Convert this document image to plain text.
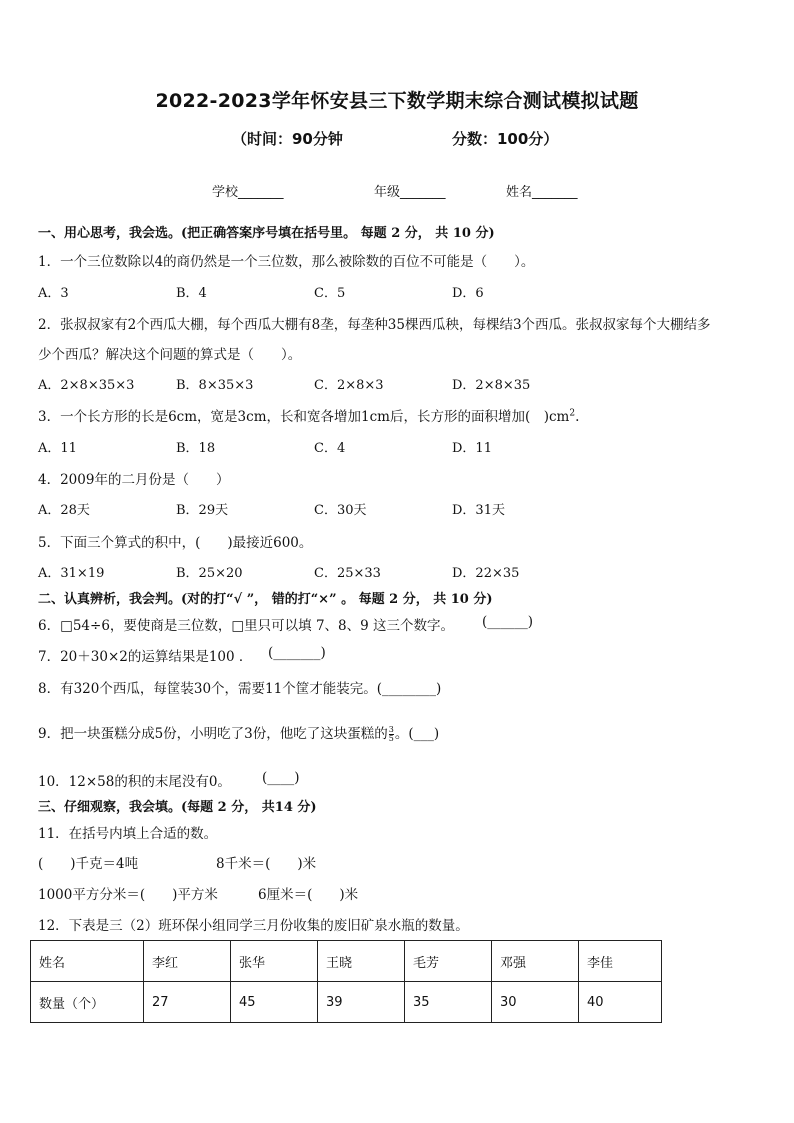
2022-2023学年怀安县三下数学期末综合测试模拟试题
（时间：90分钟	分数：100分）
学校_______	年级_______	姓名_______
一、用心思考，我会选。(把正确答案序号填在括号里。 每题 2 分， 共 10 分)
1．一个三位数除以4的商仍然是一个三位数，那么被除数的百位不可能是（　　）。
A．3	B．4	C．5	D．6
2．张叔叔家有2个西瓜大棚，每个西瓜大棚有8垄，每垄种35棵西瓜秧，每棵结3个西瓜。张叔叔家每个大棚结多
少个西瓜？解决这个问题的算式是（　　）。
A．2×8×35×3	B．8×35×3	C．2×8×3	D．2×8×35
3．一个长方形的长是6cm，宽是3cm，长和宽各增加1cm后，长方形的面积增加(　)$cm^2$.
A．11	B．18	C．4	D．11
4．2009年的二月份是（　　）
A．28天	B．29天	C．30天	D．31天
5．下面三个算式的积中，(　　)最接近600。
A．31×19	B．25×20	C．25×33	D．22×35
二、认真辨析，我会判。(对的打“√ ”， 错的打“×” 。 每题 2 分， 共 10 分)
6．□54÷6，要使商是三位数，□里只可以填 7、8、9 这三个数字。 (______)
7．20＋30×2的运算结果是100 ． (_______)
8．有320个西瓜，每筐装30个，需要11个筐才能装完。(________)
9．把一块蛋糕分成5份，小明吃了3份，他吃了这块蛋糕的 $\frac{3}{5}$ 。(___)
10．12×58的积的末尾没有0。 (____)
三、仔细观察，我会填。(每题 2 分， 共14 分)
11．在括号内填上合适的数。
(　　)千克＝4吨	8千米＝(　　)米
1000平方分米＝(　　)平方米	6厘米＝(　　)米
12．下表是三（2）班环保小组同学三月份收集的废旧矿泉水瓶的数量。
姓名	李红	张华	王晓	毛芳	邓强	李佳
数量（个）	27	45	39	35	30	40
